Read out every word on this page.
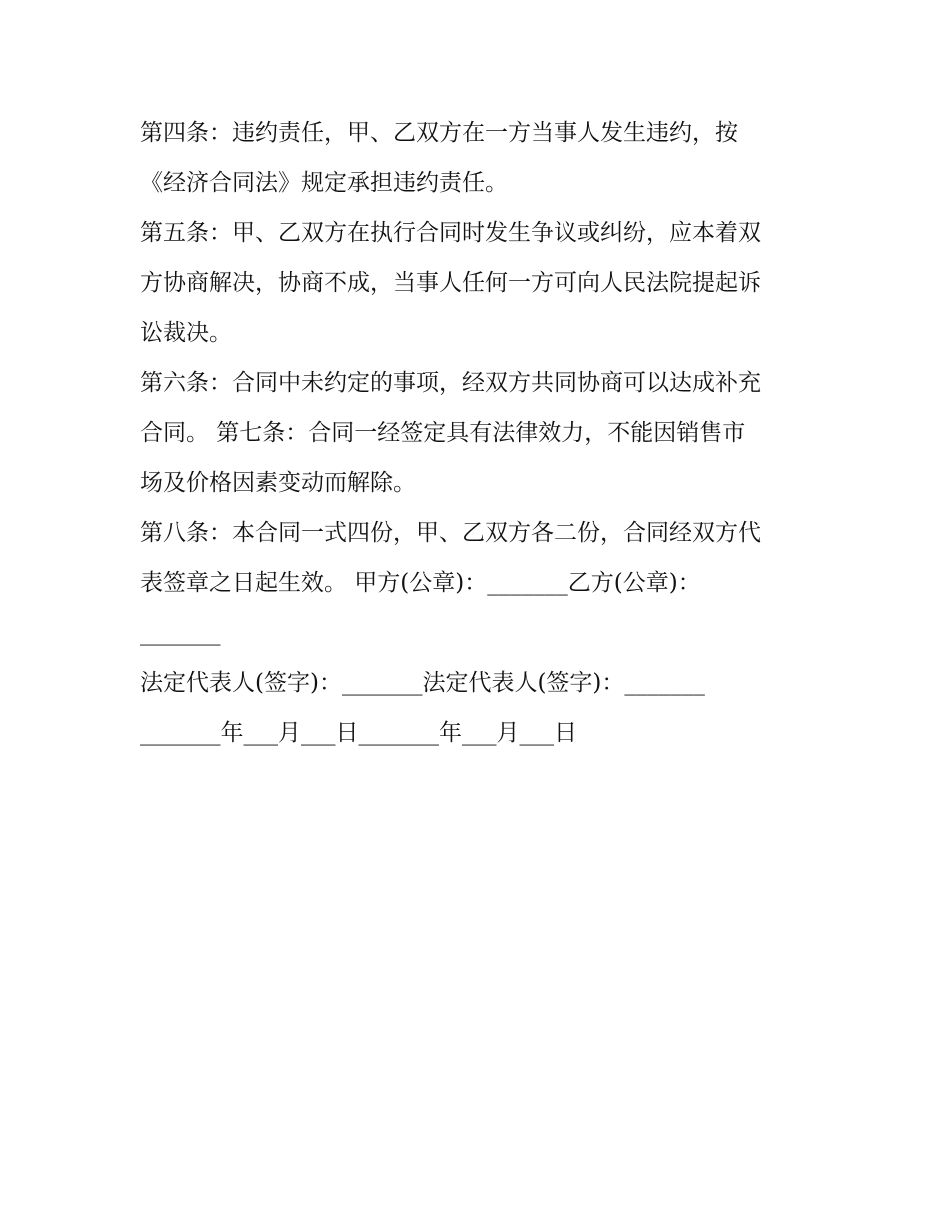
第四条：违约责任，甲、乙双方在一方当事人发生违约，按
《经济合同法》规定承担违约责任。
第五条：甲、乙双方在执行合同时发生争议或纠纷，应本着双
方协商解决，协商不成，当事人任何一方可向人民法院提起诉
讼裁决。
第六条：合同中未约定的事项，经双方共同协商可以达成补充
合同。 第七条：合同一经签定具有法律效力，不能因销售市
场及价格因素变动而解除。
第八条：本合同一式四份，甲、乙双方各二份，合同经双方代
表签章之日起生效。 甲方(公章)：_______乙方(公章)：
_______
法定代表人(签字)：_______法定代表人(签字)：_______
_______年___月___日_______年___月___日
